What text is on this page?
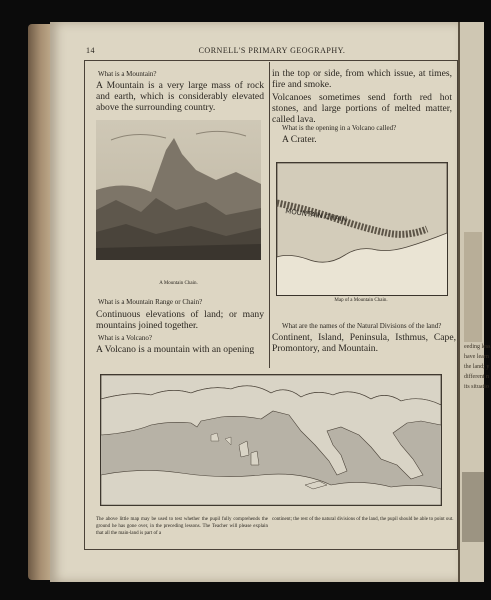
eeding less
have learn
the land; y
different n
its situatio
14	CORNELL'S PRIMARY GEOGRAPHY.
What is a Mountain?
A Mountain is a very large mass of rock and earth, which is considerably elevated above the surrounding country.
A Mountain Chain.
What is a Mountain Range or Chain?
Continuous elevations of land; or many mountains joined together.
What is a Volcano?
A Volcano is a mountain with an opening
in the top or side, from which issue, at times, fire and smoke.
Volcanoes sometimes send forth red hot stones, and large portions of melted matter, called lava.
What is the opening in a Volcano called?
A Crater.
MOUNTAIN CHAIN
Map of a Mountain Chain.
What are the names of the Natural Divisions of the land?
Continent, Island, Peninsula, Isthmus, Cape, Promontory, and Mountain.
The above little map may be used to test whether the pupil fully comprehends the ground he has gone over, in the preceding lessons. The Teacher will please explain that all the main-land is part of a
continent; the rest of the natural divisions of the land, the pupil should be able to point out.
